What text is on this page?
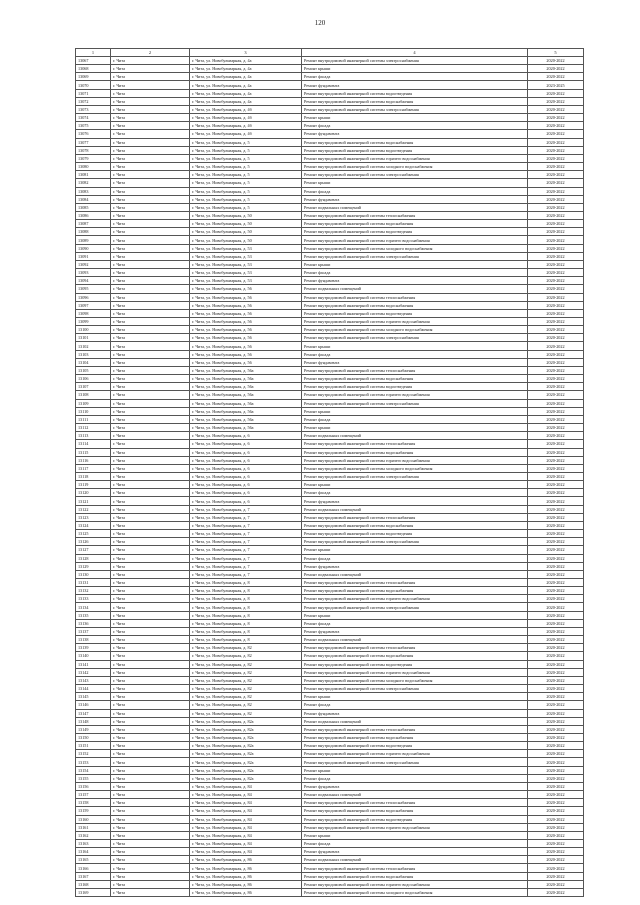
120
1	2	3	4	5
13067	г. Чита	г. Чита, ул. Новобульварная, д. 4а	Ремонт внутридомовой инженерной системы электроснабжения	2020-2022
13068	г. Чита	г. Чита, ул. Новобульварная, д. 4а	Ремонт крыши	2020-2022
13069	г. Чита	г. Чита, ул. Новобульварная, д. 4а	Ремонт фасада	2020-2022
13070	г. Чита	г. Чита, ул. Новобульварная, д. 4а	Ремонт фундамента	2023-2025
13071	г. Чита	г. Чита, ул. Новобульварная, д. 4а	Ремонт внутридомовой инженерной системы водоотведения	2020-2022
13072	г. Чита	г. Чита, ул. Новобульварная, д. 4а	Ремонт внутридомовой инженерной системы водоснабжения	2020-2022
13073	г. Чита	г. Чита, ул. Новобульварная, д. 4б	Ремонт внутридомовой инженерной системы электроснабжения	2020-2022
13074	г. Чита	г. Чита, ул. Новобульварная, д. 4б	Ремонт крыши	2020-2022
13075	г. Чита	г. Чита, ул. Новобульварная, д. 4б	Ремонт фасада	2020-2022
13076	г. Чита	г. Чита, ул. Новобульварная, д. 4б	Ремонт фундамента	2020-2022
13077	г. Чита	г. Чита, ул. Новобульварная, д. 5	Ремонт внутридомовой инженерной системы водоснабжения	2020-2022
13078	г. Чита	г. Чита, ул. Новобульварная, д. 5	Ремонт внутридомовой инженерной системы водоотведения	2020-2022
13079	г. Чита	г. Чита, ул. Новобульварная, д. 5	Ремонт внутридомовой инженерной системы горячего водоснабжения	2020-2022
13080	г. Чита	г. Чита, ул. Новобульварная, д. 5	Ремонт внутридомовой инженерной системы холодного водоснабжения	2020-2022
13081	г. Чита	г. Чита, ул. Новобульварная, д. 5	Ремонт внутридомовой инженерной системы электроснабжения	2020-2022
13082	г. Чита	г. Чита, ул. Новобульварная, д. 5	Ремонт крыши	2020-2022
13083	г. Чита	г. Чита, ул. Новобульварная, д. 5	Ремонт фасада	2020-2022
13084	г. Чита	г. Чита, ул. Новобульварная, д. 5	Ремонт фундамента	2020-2022
13085	г. Чита	г. Чита, ул. Новобульварная, д. 5	Ремонт подвальных помещений	2020-2022
13086	г. Чита	г. Чита, ул. Новобульварная, д. 50	Ремонт внутридомовой инженерной системы теплоснабжения	2020-2022
13087	г. Чита	г. Чита, ул. Новобульварная, д. 50	Ремонт внутридомовой инженерной системы водоснабжения	2020-2022
13088	г. Чита	г. Чита, ул. Новобульварная, д. 50	Ремонт внутридомовой инженерной системы водоотведения	2020-2022
13089	г. Чита	г. Чита, ул. Новобульварная, д. 50	Ремонт внутридомовой инженерной системы горячего водоснабжения	2020-2022
13090	г. Чита	г. Чита, ул. Новобульварная, д. 53	Ремонт внутридомовой инженерной системы холодного водоснабжения	2020-2022
13091	г. Чита	г. Чита, ул. Новобульварная, д. 53	Ремонт внутридомовой инженерной системы электроснабжения	2020-2022
13092	г. Чита	г. Чита, ул. Новобульварная, д. 53	Ремонт крыши	2020-2022
13093	г. Чита	г. Чита, ул. Новобульварная, д. 53	Ремонт фасада	2020-2022
13094	г. Чита	г. Чита, ул. Новобульварная, д. 53	Ремонт фундамента	2020-2022
13095	г. Чита	г. Чита, ул. Новобульварная, д. 56	Ремонт подвальных помещений	2020-2022
13096	г. Чита	г. Чита, ул. Новобульварная, д. 56	Ремонт внутридомовой инженерной системы теплоснабжения	2020-2022
13097	г. Чита	г. Чита, ул. Новобульварная, д. 56	Ремонт внутридомовой инженерной системы водоснабжения	2020-2022
13098	г. Чита	г. Чита, ул. Новобульварная, д. 56	Ремонт внутридомовой инженерной системы водоотведения	2020-2022
13099	г. Чита	г. Чита, ул. Новобульварная, д. 56	Ремонт внутридомовой инженерной системы горячего водоснабжения	2020-2022
13100	г. Чита	г. Чита, ул. Новобульварная, д. 56	Ремонт внутридомовой инженерной системы холодного водоснабжения	2020-2022
13101	г. Чита	г. Чита, ул. Новобульварная, д. 56	Ремонт внутридомовой инженерной системы электроснабжения	2020-2022
13102	г. Чита	г. Чита, ул. Новобульварная, д. 56	Ремонт крыши	2020-2022
13103	г. Чита	г. Чита, ул. Новобульварная, д. 56	Ремонт фасада	2020-2022
13104	г. Чита	г. Чита, ул. Новобульварная, д. 56	Ремонт фундамента	2020-2022
13105	г. Чита	г. Чита, ул. Новобульварная, д. 56а	Ремонт внутридомовой инженерной системы теплоснабжения	2020-2022
13106	г. Чита	г. Чита, ул. Новобульварная, д. 56а	Ремонт внутридомовой инженерной системы водоснабжения	2020-2022
13107	г. Чита	г. Чита, ул. Новобульварная, д. 56а	Ремонт внутридомовой инженерной системы водоотведения	2020-2022
13108	г. Чита	г. Чита, ул. Новобульварная, д. 56а	Ремонт внутридомовой инженерной системы горячего водоснабжения	2020-2022
13109	г. Чита	г. Чита, ул. Новобульварная, д. 56а	Ремонт внутридомовой инженерной системы электроснабжения	2020-2022
13110	г. Чита	г. Чита, ул. Новобульварная, д. 56а	Ремонт крыши	2020-2022
13111	г. Чита	г. Чита, ул. Новобульварная, д. 56а	Ремонт фасада	2020-2022
13112	г. Чита	г. Чита, ул. Новобульварная, д. 56а	Ремонт крыши	2020-2022
13113	г. Чита	г. Чита, ул. Новобульварная, д. 6	Ремонт подвальных помещений	2020-2022
13114	г. Чита	г. Чита, ул. Новобульварная, д. 6	Ремонт внутридомовой инженерной системы теплоснабжения	2020-2022
13115	г. Чита	г. Чита, ул. Новобульварная, д. 6	Ремонт внутридомовой инженерной системы водоснабжения	2020-2022
13116	г. Чита	г. Чита, ул. Новобульварная, д. 6	Ремонт внутридомовой инженерной системы горячего водоснабжения	2020-2022
13117	г. Чита	г. Чита, ул. Новобульварная, д. 6	Ремонт внутридомовой инженерной системы холодного водоснабжения	2020-2022
13118	г. Чита	г. Чита, ул. Новобульварная, д. 6	Ремонт внутридомовой инженерной системы электроснабжения	2020-2022
13119	г. Чита	г. Чита, ул. Новобульварная, д. 6	Ремонт крыши	2020-2022
13120	г. Чита	г. Чита, ул. Новобульварная, д. 6	Ремонт фасада	2020-2022
13121	г. Чита	г. Чита, ул. Новобульварная, д. 6	Ремонт фундамента	2020-2022
13122	г. Чита	г. Чита, ул. Новобульварная, д. 7	Ремонт подвальных помещений	2020-2022
13123	г. Чита	г. Чита, ул. Новобульварная, д. 7	Ремонт внутридомовой инженерной системы теплоснабжения	2020-2022
13124	г. Чита	г. Чита, ул. Новобульварная, д. 7	Ремонт внутридомовой инженерной системы водоснабжения	2020-2022
13125	г. Чита	г. Чита, ул. Новобульварная, д. 7	Ремонт внутридомовой инженерной системы водоотведения	2020-2022
13126	г. Чита	г. Чита, ул. Новобульварная, д. 7	Ремонт внутридомовой инженерной системы электроснабжения	2020-2022
13127	г. Чита	г. Чита, ул. Новобульварная, д. 7	Ремонт крыши	2020-2022
13128	г. Чита	г. Чита, ул. Новобульварная, д. 7	Ремонт фасада	2020-2022
13129	г. Чита	г. Чита, ул. Новобульварная, д. 7	Ремонт фундамента	2020-2022
13130	г. Чита	г. Чита, ул. Новобульварная, д. 7	Ремонт подвальных помещений	2020-2022
13131	г. Чита	г. Чита, ул. Новобульварная, д. 8	Ремонт внутридомовой инженерной системы теплоснабжения	2020-2022
13132	г. Чита	г. Чита, ул. Новобульварная, д. 8	Ремонт внутридомовой инженерной системы водоснабжения	2020-2022
13133	г. Чита	г. Чита, ул. Новобульварная, д. 8	Ремонт внутридомовой инженерной системы горячего водоснабжения	2020-2022
13134	г. Чита	г. Чита, ул. Новобульварная, д. 8	Ремонт внутридомовой инженерной системы электроснабжения	2020-2022
13135	г. Чита	г. Чита, ул. Новобульварная, д. 8	Ремонт крыши	2020-2022
13136	г. Чита	г. Чита, ул. Новобульварная, д. 8	Ремонт фасада	2020-2022
13137	г. Чита	г. Чита, ул. Новобульварная, д. 8	Ремонт фундамента	2020-2022
13138	г. Чита	г. Чита, ул. Новобульварная, д. 8	Ремонт подвальных помещений	2020-2022
13139	г. Чита	г. Чита, ул. Новобульварная, д. 82	Ремонт внутридомовой инженерной системы теплоснабжения	2020-2022
13140	г. Чита	г. Чита, ул. Новобульварная, д. 82	Ремонт внутридомовой инженерной системы водоснабжения	2020-2022
13141	г. Чита	г. Чита, ул. Новобульварная, д. 82	Ремонт внутридомовой инженерной системы водоотведения	2020-2022
13142	г. Чита	г. Чита, ул. Новобульварная, д. 82	Ремонт внутридомовой инженерной системы горячего водоснабжения	2020-2022
13143	г. Чита	г. Чита, ул. Новобульварная, д. 82	Ремонт внутридомовой инженерной системы холодного водоснабжения	2020-2022
13144	г. Чита	г. Чита, ул. Новобульварная, д. 82	Ремонт внутридомовой инженерной системы электроснабжения	2020-2022
13145	г. Чита	г. Чита, ул. Новобульварная, д. 82	Ремонт крыши	2020-2022
13146	г. Чита	г. Чита, ул. Новобульварная, д. 82	Ремонт фасада	2020-2022
13147	г. Чита	г. Чита, ул. Новобульварная, д. 82	Ремонт фундамента	2020-2022
13148	г. Чита	г. Чита, ул. Новобульварная, д. 82а	Ремонт подвальных помещений	2020-2022
13149	г. Чита	г. Чита, ул. Новобульварная, д. 82а	Ремонт внутридомовой инженерной системы теплоснабжения	2020-2022
13150	г. Чита	г. Чита, ул. Новобульварная, д. 82а	Ремонт внутридомовой инженерной системы водоснабжения	2020-2022
13151	г. Чита	г. Чита, ул. Новобульварная, д. 82а	Ремонт внутридомовой инженерной системы водоотведения	2020-2022
13152	г. Чита	г. Чита, ул. Новобульварная, д. 82а	Ремонт внутридомовой инженерной системы горячего водоснабжения	2020-2022
13153	г. Чита	г. Чита, ул. Новобульварная, д. 82а	Ремонт внутридомовой инженерной системы электроснабжения	2020-2022
13154	г. Чита	г. Чита, ул. Новобульварная, д. 82а	Ремонт крыши	2020-2022
13155	г. Чита	г. Чита, ул. Новобульварная, д. 82а	Ремонт фасада	2020-2022
13156	г. Чита	г. Чита, ул. Новобульварная, д. 84	Ремонт фундамента	2020-2022
13157	г. Чита	г. Чита, ул. Новобульварная, д. 84	Ремонт подвальных помещений	2020-2022
13158	г. Чита	г. Чита, ул. Новобульварная, д. 84	Ремонт внутридомовой инженерной системы теплоснабжения	2020-2022
13159	г. Чита	г. Чита, ул. Новобульварная, д. 84	Ремонт внутридомовой инженерной системы водоснабжения	2020-2022
13160	г. Чита	г. Чита, ул. Новобульварная, д. 84	Ремонт внутридомовой инженерной системы водоотведения	2020-2022
13161	г. Чита	г. Чита, ул. Новобульварная, д. 84	Ремонт внутридомовой инженерной системы горячего водоснабжения	2020-2022
13162	г. Чита	г. Чита, ул. Новобульварная, д. 84	Ремонт крыши	2020-2022
13163	г. Чита	г. Чита, ул. Новобульварная, д. 84	Ремонт фасада	2020-2022
13164	г. Чита	г. Чита, ул. Новобульварная, д. 84	Ремонт фундамента	2020-2022
13165	г. Чита	г. Чита, ул. Новобульварная, д. 86	Ремонт подвальных помещений	2020-2022
13166	г. Чита	г. Чита, ул. Новобульварная, д. 86	Ремонт внутридомовой инженерной системы теплоснабжения	2020-2022
13167	г. Чита	г. Чита, ул. Новобульварная, д. 86	Ремонт внутридомовой инженерной системы водоснабжения	2020-2022
13168	г. Чита	г. Чита, ул. Новобульварная, д. 86	Ремонт внутридомовой инженерной системы горячего водоснабжения	2020-2022
13169	г. Чита	г. Чита, ул. Новобульварная, д. 86	Ремонт внутридомовой инженерной системы холодного водоснабжения	2020-2022
